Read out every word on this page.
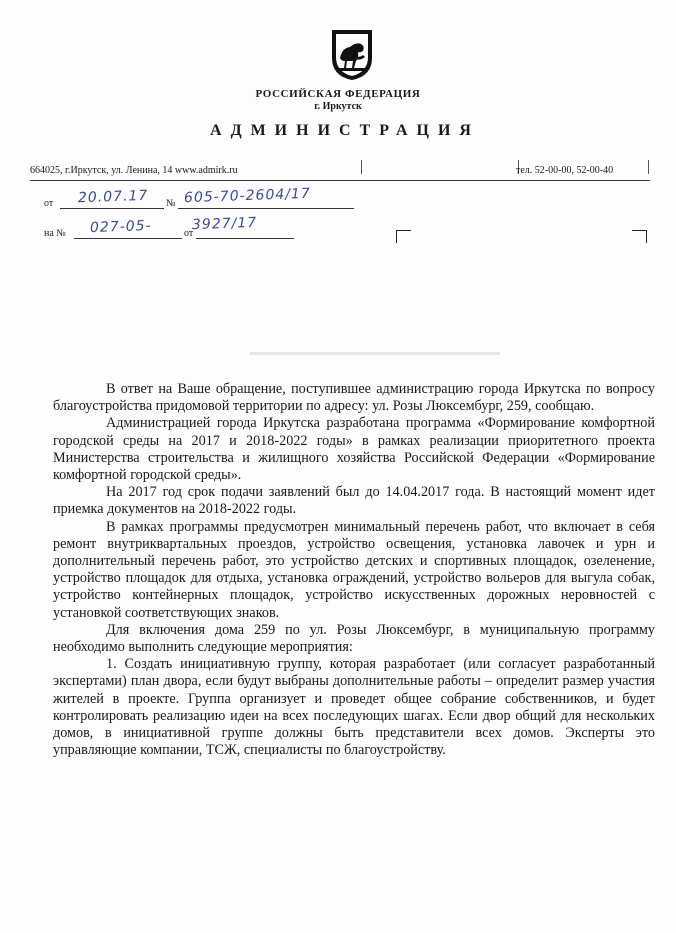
РОССИЙСКАЯ ФЕДЕРАЦИЯ
г. Иркутск
АДМИНИСТРАЦИЯ
664025, г.Иркутск, ул. Ленина, 14 www.admirk.ru	тел. 52-00-00, 52-00-40
от 20.07.17 № 605-70-2604/17
на № 027-05-	от
3927/17

В ответ на Ваше обращение, поступившее администрацию города Иркутска по вопросу благоустройства придомовой территории по адресу: ул. Розы Люксембург, 259, сообщаю.

Администрацией города Иркутска разработана программа «Формирование комфортной городской среды на 2017 и 2018-2022 годы» в рамках реализации приоритетного проекта Министерства строительства и жилищного хозяйства Российской Федерации «Формирование комфортной городской среды».

На 2017 год срок подачи заявлений был до 14.04.2017 года. В настоящий момент идет приемка документов на 2018-2022 годы.

В рамках программы предусмотрен минимальный перечень работ, что включает в себя ремонт внутриквартальных проездов, устройство освещения, установка лавочек и урн и дополнительный перечень работ, это устройство детских и спортивных площадок, озеленение, устройство площадок для отдыха, установка ограждений, устройство вольеров для выгула собак, устройство контейнерных площадок, устройство искусственных дорожных неровностей с установкой соответствующих знаков.

Для включения дома 259 по ул. Розы Люксембург, в муниципальную программу необходимо выполнить следующие мероприятия:

1. Создать инициативную группу, которая разработает (или согласует разработанный экспертами) план двора, если будут выбраны дополнительные работы – определит размер участия жителей в проекте. Группа организует и проведет общее собрание собственников, и будет контролировать реализацию идеи на всех последующих шагах. Если двор общий для нескольких домов, в инициативной группе должны быть представители всех домов. Эксперты это управляющие компании, ТСЖ, специалисты по благоустройству.
